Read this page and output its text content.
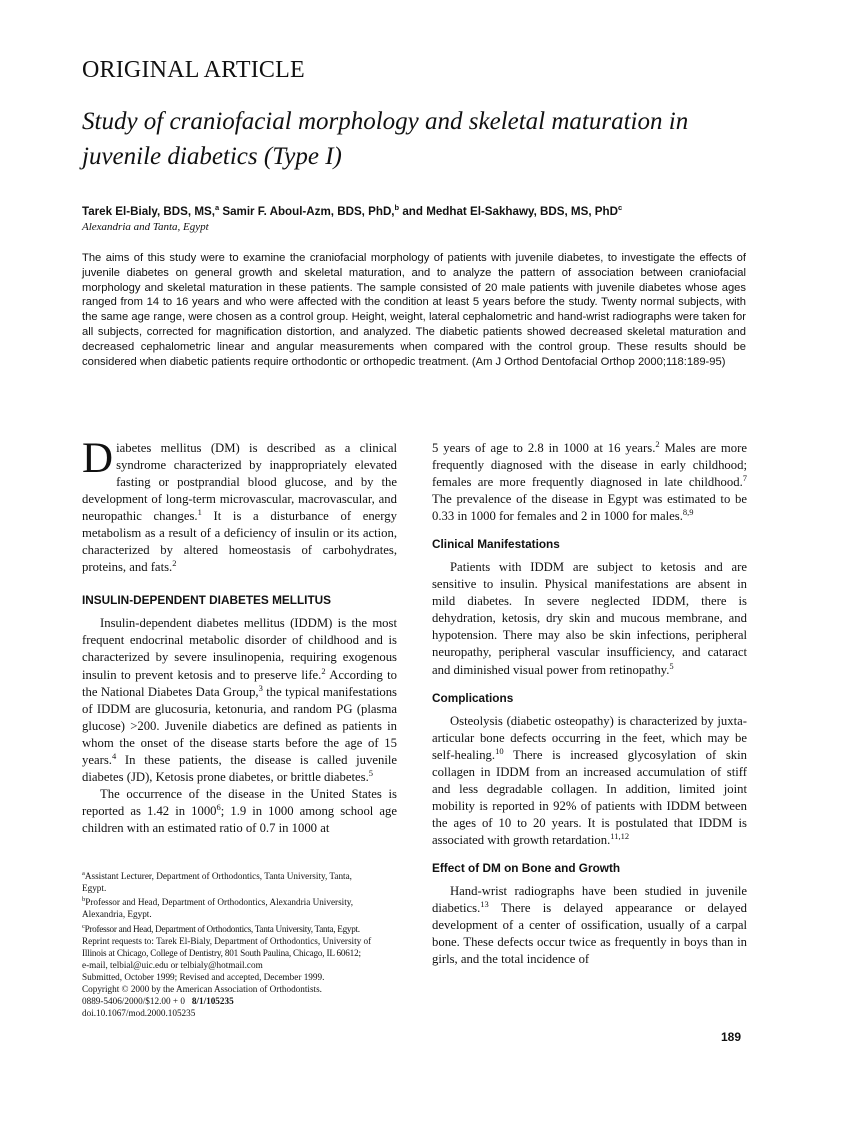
ORIGINAL ARTICLE
Study of craniofacial morphology and skeletal maturation in
juvenile diabetics (Type I)
Tarek El-Bialy, BDS, MS,$^a$ Samir F. Aboul-Azm, BDS, PhD,$^b$ and Medhat El-Sakhawy, BDS, MS, PhD$^c$
Alexandria and Tanta, Egypt
The aims of this study were to examine the craniofacial morphology of patients with juvenile diabetes, to investigate the effects of juvenile diabetes on general growth and skeletal maturation, and to analyze the pattern of association between craniofacial morphology and skeletal maturation in these patients. The sample consisted of 20 male patients with juvenile diabetes whose ages ranged from 14 to 16 years and who were affected with the condition at least 5 years before the study. Twenty normal subjects, with the same age range, were chosen as a control group. Height, weight, lateral cephalometric and hand-wrist radiographs were taken for all subjects, corrected for magnification distortion, and analyzed. The diabetic patients showed decreased skeletal maturation and decreased cephalometric linear and angular measurements when compared with the control group. These results should be considered when diabetic patients require orthodontic or orthopedic treatment. (Am J Orthod Dentofacial Orthop 2000;118:189-95)

Diabetes mellitus (DM) is described as a clinical syndrome characterized by inappropriately elevated fasting or postprandial blood glucose, and by the development of long-term microvascular, macrovascular, and neuropathic changes.$^1$ It is a disturbance of energy metabolism as a result of a deficiency of insulin or its action, characterized by altered homeostasis of carbohydrates, proteins, and fats.$^2$

INSULIN-DEPENDENT DIABETES MELLITUS

Insulin-dependent diabetes mellitus (IDDM) is the most frequent endocrinal metabolic disorder of childhood and is characterized by severe insulinopenia, requiring exogenous insulin to prevent ketosis and to preserve life.$^2$ According to the National Diabetes Data Group,$^3$ the typical manifestations of IDDM are glucosuria, ketonuria, and random PG (plasma glucose) >200. Juvenile diabetics are defined as patients in whom the onset of the disease starts before the age of 15 years.$^4$ In these patients, the disease is called juvenile diabetes (JD), Ketosis prone diabetes, or brittle diabetes.$^5$

The occurrence of the disease in the United States is reported as 1.42 in 1000$^6$; 1.9 in 1000 among school age children with an estimated ratio of 0.7 in 1000 at

5 years of age to 2.8 in 1000 at 16 years.$^2$ Males are more frequently diagnosed with the disease in early childhood; females are more frequently diagnosed in late childhood.$^7$ The prevalence of the disease in Egypt was estimated to be 0.33 in 1000 for females and 2 in 1000 for males.$^{8,9}$

Clinical Manifestations

Patients with IDDM are subject to ketosis and are sensitive to insulin. Physical manifestations are absent in mild diabetes. In severe neglected IDDM, there is dehydration, ketosis, dry skin and mucous membrane, and hypotension. There may also be skin infections, peripheral neuropathy, peripheral vascular insufficiency, and cataract and diminished visual power from retinopathy.$^5$

Complications

Osteolysis (diabetic osteopathy) is characterized by juxta-articular bone defects occurring in the feet, which may be self-healing.$^{10}$ There is increased glycosylation of skin collagen in IDDM from an increased accumulation of stiff and less degradable collagen. In addition, limited joint mobility is reported in 92% of patients with IDDM between the ages of 10 to 20 years. It is postulated that IDDM is associated with growth retardation.$^{11,12}$

Effect of DM on Bone and Growth

Hand-wrist radiographs have been studied in juvenile diabetics.$^{13}$ There is delayed appearance or delayed development of a center of ossification, usually of a carpal bone. These defects occur twice as frequently in boys than in girls, and the total incidence of

$^a$Assistant Lecturer, Department of Orthodontics, Tanta University, Tanta,
Egypt.
$^b$Professor and Head, Department of Orthodontics, Alexandria University,
Alexandria, Egypt.
$^c$Professor and Head, Department of Orthodontics, Tanta University, Tanta, Egypt.
Reprint requests to: Tarek El-Bialy, Department of Orthodontics, University of
Illinois at Chicago, College of Dentistry, 801 South Paulina, Chicago, IL 60612;
e-mail, telbial@uic.edu or telbialy@hotmail.com
Submitted, October 1999; Revised and accepted, December 1999.
Copyright © 2000 by the American Association of Orthodontists.
0889-5406/2000/$12.00 + 0 8/1/105235
doi.10.1067/mod.2000.105235
189
